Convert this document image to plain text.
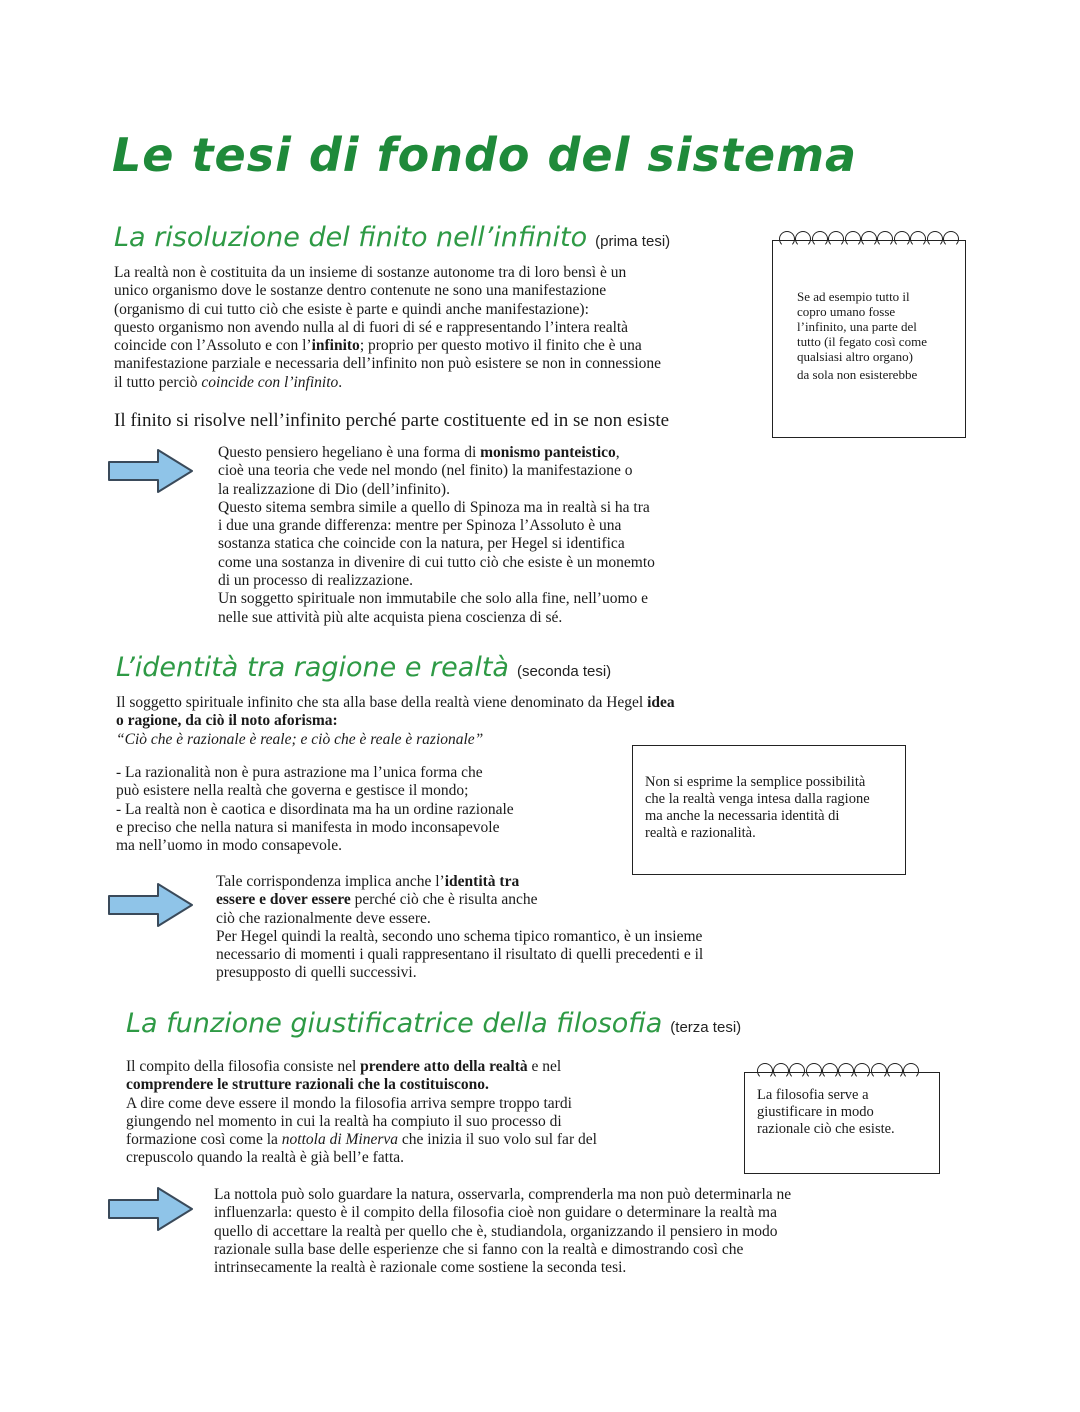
Le tesi di fondo del sistema
La risoluzione del finito nell’infinito (prima tesi)
La realtà non è costituita da un insieme di sostanze autonome tra di loro bensì è un
unico organismo dove le sostanze dentro contenute ne sono una manifestazione
(organismo di cui tutto ciò che esiste è parte e quindi anche manifestazione):
questo organismo non avendo nulla al di fuori di sé e rappresentando l’intera realtà
coincide con l’Assoluto e con l’infinito; proprio per questo motivo il finito che è una
manifestazione parziale e necessaria dell’infinito non può esistere se non in connessione
il tutto perciò coincide con l’infinito.
Il finito si risolve nell’infinito perché parte costituente ed in se non esiste
Questo pensiero hegeliano è una forma di monismo panteistico,
cioè una teoria che vede nel mondo (nel finito) la manifestazione o
la realizzazione di Dio (dell’infinito).
Questo sitema sembra simile a quello di Spinoza ma in realtà si ha tra
i due una grande differenza: mentre per Spinoza l’Assoluto è una
sostanza statica che coincide con la natura, per Hegel si identifica
come una sostanza in divenire di cui tutto ciò che esiste è un monemto
di un processo di realizzazione.
Un soggetto spirituale non immutabile che solo alla fine, nell’uomo e
nelle sue attività più alte acquista piena coscienza di sé.
Se ad esempio tutto il
copro umano fosse
l’infinito, una parte del
tutto (il fegato così come
qualsiasi altro organo)
da sola non esisterebbe
L’identità tra ragione e realtà (seconda tesi)
Il soggetto spirituale infinito che sta alla base della realtà viene denominato da Hegel idea
o ragione, da ciò il noto aforisma:
“Ciò che è razionale è reale; e ciò che è reale è razionale”
- La razionalità non è pura astrazione ma l’unica forma che
può esistere nella realtà che governa e gestisce il mondo;
- La realtà non è caotica e disordinata ma ha un ordine razionale
e preciso che nella natura si manifesta in modo inconsapevole
ma nell’uomo in modo consapevole.
Non si esprime la semplice possibilità
che la realtà venga intesa dalla ragione
ma anche la necessaria identità di
realtà e razionalità.
Tale corrispondenza implica anche l’identità tra
essere e dover essere perché ciò che è risulta anche
ciò che razionalmente deve essere.
Per Hegel quindi la realtà, secondo uno schema tipico romantico, è un insieme
necessario di momenti i quali rappresentano il risultato di quelli precedenti e il
presupposto di quelli successivi.
La funzione giustificatrice della filosofia (terza tesi)
Il compito della filosofia consiste nel prendere atto della realtà e nel
comprendere le strutture razionali che la costituiscono.
A dire come deve essere il mondo la filosofia arriva sempre troppo tardi
giungendo nel momento in cui la realtà ha compiuto il suo processo di
formazione così come la nottola di Minerva che inizia il suo volo sul far del
crepuscolo quando la realtà è già bell’e fatta.
La filosofia serve a
giustificare in modo
razionale ciò che esiste.
La nottola può solo guardare la natura, osservarla, comprenderla ma non può determinarla ne
influenzarla: questo è il compito della filosofia cioè non guidare o determinare la realtà ma
quello di accettare la realtà per quello che è, studiandola, organizzando il pensiero in modo
razionale sulla base delle esperienze che si fanno con la realtà e dimostrando così che
intrinsecamente la realtà è razionale come sostiene la seconda tesi.
